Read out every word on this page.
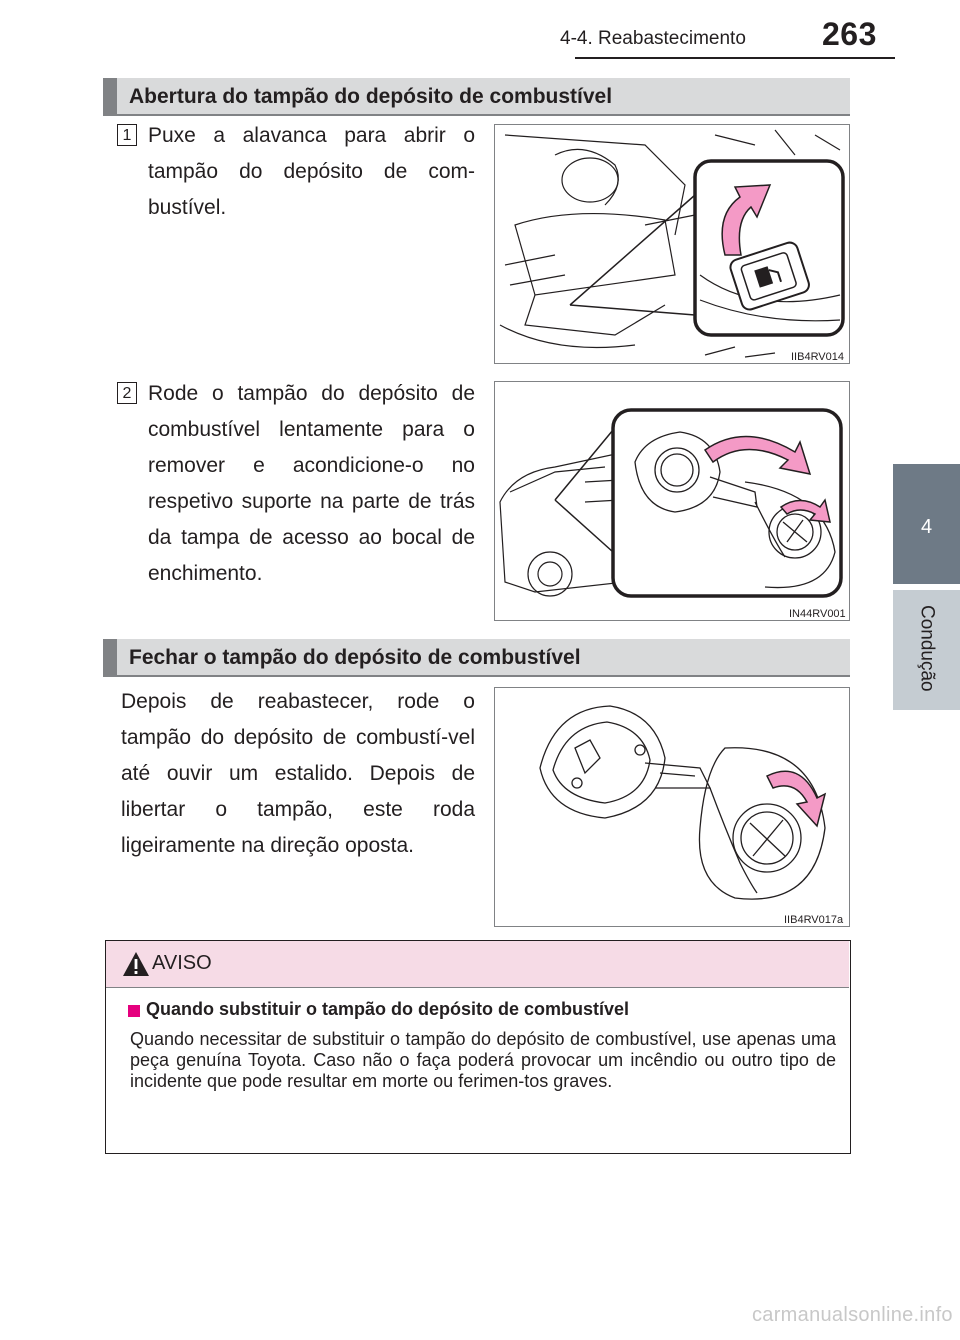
4-4. Reabastecimento 263
4
Condução
Abertura do tampão do depósito de combustível
1 Puxe a alavanca para abrir o tampão do depósito de com-bustível.
IIB4RV014
2 Rode o tampão do depósito de combustível lentamente para o remover e acondicione-o no respetivo suporte na parte de trás da tampa de acesso ao bocal de enchimento.
IN44RV001
Fechar o tampão do depósito de combustível
Depois de reabastecer, rode o tampão do depósito de combustí-vel até ouvir um estalido. Depois de libertar o tampão, este roda ligeiramente na direção oposta.
IIB4RV017a
AVISO
Quando substituir o tampão do depósito de combustível
Quando necessitar de substituir o tampão do depósito de combustível, use apenas uma peça genuína Toyota. Caso não o faça poderá provocar um incêndio ou outro tipo de incidente que pode resultar em morte ou ferimen-tos graves.
carmanualsonline.info
